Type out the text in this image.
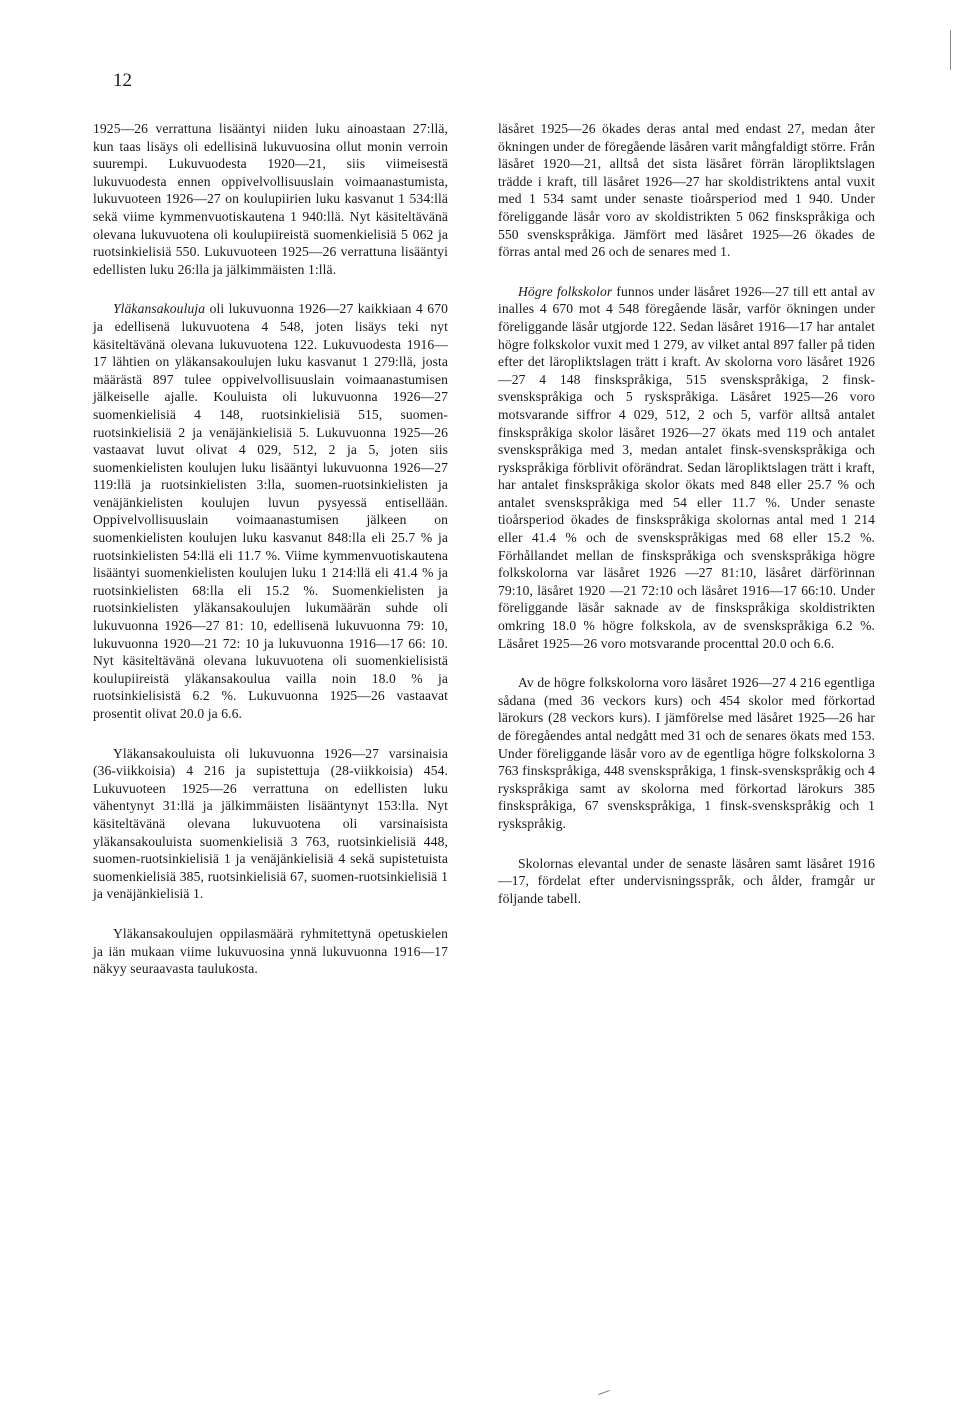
12

1925—26 verrattuna lisääntyi niiden luku ainoastaan 27:llä, kun taas lisäys oli edellisinä lukuvuosina ollut monin verroin suurempi. Lukuvuodesta 1920—21, siis viimeisestä lukuvuodesta ennen oppivelvollisuuslain voimaanastumista, lukuvuoteen 1926—27 on koulupiirien luku kasvanut 1 534:llä sekä viime kymmenvuotiskautena 1 940:llä. Nyt käsiteltävänä olevana lukuvuotena oli koulupiireistä suomenkielisiä 5 062 ja ruotsinkielisiä 550. Lukuvuoteen 1925—26 verrattuna lisääntyi edellisten luku 26:lla ja jälkimmäisten 1:llä.

Yläkansakouluja oli lukuvuonna 1926—27 kaikkiaan 4 670 ja edellisenä lukuvuotena 4 548, joten lisäys teki nyt käsiteltävänä olevana lukuvuotena 122. Lukuvuodesta 1916—17 lähtien on yläkansakoulujen luku kasvanut 1 279:llä, josta määrästä 897 tulee oppivelvollisuuslain voimaanastumisen jälkeiselle ajalle. Kouluista oli lukuvuonna 1926—27 suomenkielisiä 4 148, ruotsinkielisiä 515, suomen-ruotsinkielisiä 2 ja venäjänkielisiä 5. Lukuvuonna 1925—26 vastaavat luvut olivat 4 029, 512, 2 ja 5, joten siis suomenkielisten koulujen luku lisääntyi lukuvuonna 1926—27 119:llä ja ruotsinkielisten 3:lla, suomen-ruotsinkielisten ja venäjänkielisten koulujen luvun pysyessä entisellään. Oppivelvollisuuslain voimaanastumisen jälkeen on suomenkielisten koulujen luku kasvanut 848:lla eli 25.7 % ja ruotsinkielisten 54:llä eli 11.7 %. Viime kymmenvuotiskautena lisääntyi suomenkielisten koulujen luku 1 214:llä eli 41.4 % ja ruotsinkielisten 68:lla eli 15.2 %. Suomenkielisten ja ruotsinkielisten yläkansakoulujen lukumäärän suhde oli lukuvuonna 1926—27 81: 10, edellisenä lukuvuonna 79: 10, lukuvuonna 1920—21 72: 10 ja lukuvuonna 1916—17 66: 10. Nyt käsiteltävänä olevana lukuvuotena oli suomenkielisistä koulupiireistä yläkansakoulua vailla noin 18.0 % ja ruotsinkielisistä 6.2 %. Lukuvuonna 1925—26 vastaavat prosentit olivat 20.0 ja 6.6.

Yläkansakouluista oli lukuvuonna 1926—27 varsinaisia (36-viikkoisia) 4 216 ja supistettuja (28-viikkoisia) 454. Lukuvuoteen 1925—26 verrattuna on edellisten luku vähentynyt 31:llä ja jälkimmäisten lisääntynyt 153:lla. Nyt käsiteltävänä olevana lukuvuotena oli varsinaisista yläkansakouluista suomenkielisiä 3 763, ruotsinkielisiä 448, suomen-ruotsinkielisiä 1 ja venäjänkielisiä 4 sekä supistetuista suomenkielisiä 385, ruotsinkielisiä 67, suomen-ruotsinkielisiä 1 ja venäjänkielisiä 1.

Yläkansakoulujen oppilasmäärä ryhmitettynä opetuskielen ja iän mukaan viime lukuvuosina ynnä lukuvuonna 1916—17 näkyy seuraavasta taulukosta.

läsåret 1925—26 ökades deras antal med endast 27, medan åter ökningen under de föregående läsåren varit mångfaldigt större. Från läsåret 1920—21, alltså det sista läsåret förrän läropliktslagen trädde i kraft, till läsåret 1926—27 har skoldistriktens antal vuxit med 1 534 samt under senaste tioårsperiod med 1 940. Under föreliggande läsår voro av skoldistrikten 5 062 finskspråkiga och 550 svenskspråkiga. Jämfört med läsåret 1925—26 ökades de förras antal med 26 och de senares med 1.

Högre folkskolor funnos under läsåret 1926—27 till ett antal av inalles 4 670 mot 4 548 föregående läsår, varför ökningen under föreliggande läsår utgjorde 122. Sedan läsåret 1916—17 har antalet högre folkskolor vuxit med 1 279, av vilket antal 897 faller på tiden efter det läropliktslagen trätt i kraft. Av skolorna voro läsåret 1926—27 4 148 finskspråkiga, 515 svenskspråkiga, 2 finsk-svenskspråkiga och 5 ryskspråkiga. Läsåret 1925—26 voro motsvarande siffror 4 029, 512, 2 och 5, varför alltså antalet finskspråkiga skolor läsåret 1926—27 ökats med 119 och antalet svenskspråkiga med 3, medan antalet finsk-svenskspråkiga och ryskspråkiga förblivit oförändrat. Sedan läropliktslagen trätt i kraft, har antalet finskspråkiga skolor ökats med 848 eller 25.7 % och antalet svenskspråkiga med 54 eller 11.7 %. Under senaste tioårsperiod ökades de finskspråkiga skolornas antal med 1 214 eller 41.4 % och de svenskspråkigas med 68 eller 15.2 %. Förhållandet mellan de finskspråkiga och svenskspråkiga högre folkskolorna var läsåret 1926 —27 81:10, läsåret därförinnan 79:10, läsåret 1920 —21 72:10 och läsåret 1916—17 66:10. Under föreliggande läsår saknade av de finskspråkiga skoldistrikten omkring 18.0 % högre folkskola, av de svenskspråkiga 6.2 %. Läsåret 1925—26 voro motsvarande procenttal 20.0 och 6.6.

Av de högre folkskolorna voro läsåret 1926—27 4 216 egentliga sådana (med 36 veckors kurs) och 454 skolor med förkortad lärokurs (28 veckors kurs). I jämförelse med läsåret 1925—26 har de föregåendes antal nedgått med 31 och de senares ökats med 153. Under föreliggande läsår voro av de egentliga högre folkskolorna 3 763 finskspråkiga, 448 svenskspråkiga, 1 finsk-svenskspråkig och 4 ryskspråkiga samt av skolorna med förkortad lärokurs 385 finskspråkiga, 67 svenskspråkiga, 1 finsk-svenskspråkig och 1 ryskspråkig.

Skolornas elevantal under de senaste läsåren samt läsåret 1916—17, fördelat efter undervisningsspråk, och ålder, framgår ur följande tabell.
